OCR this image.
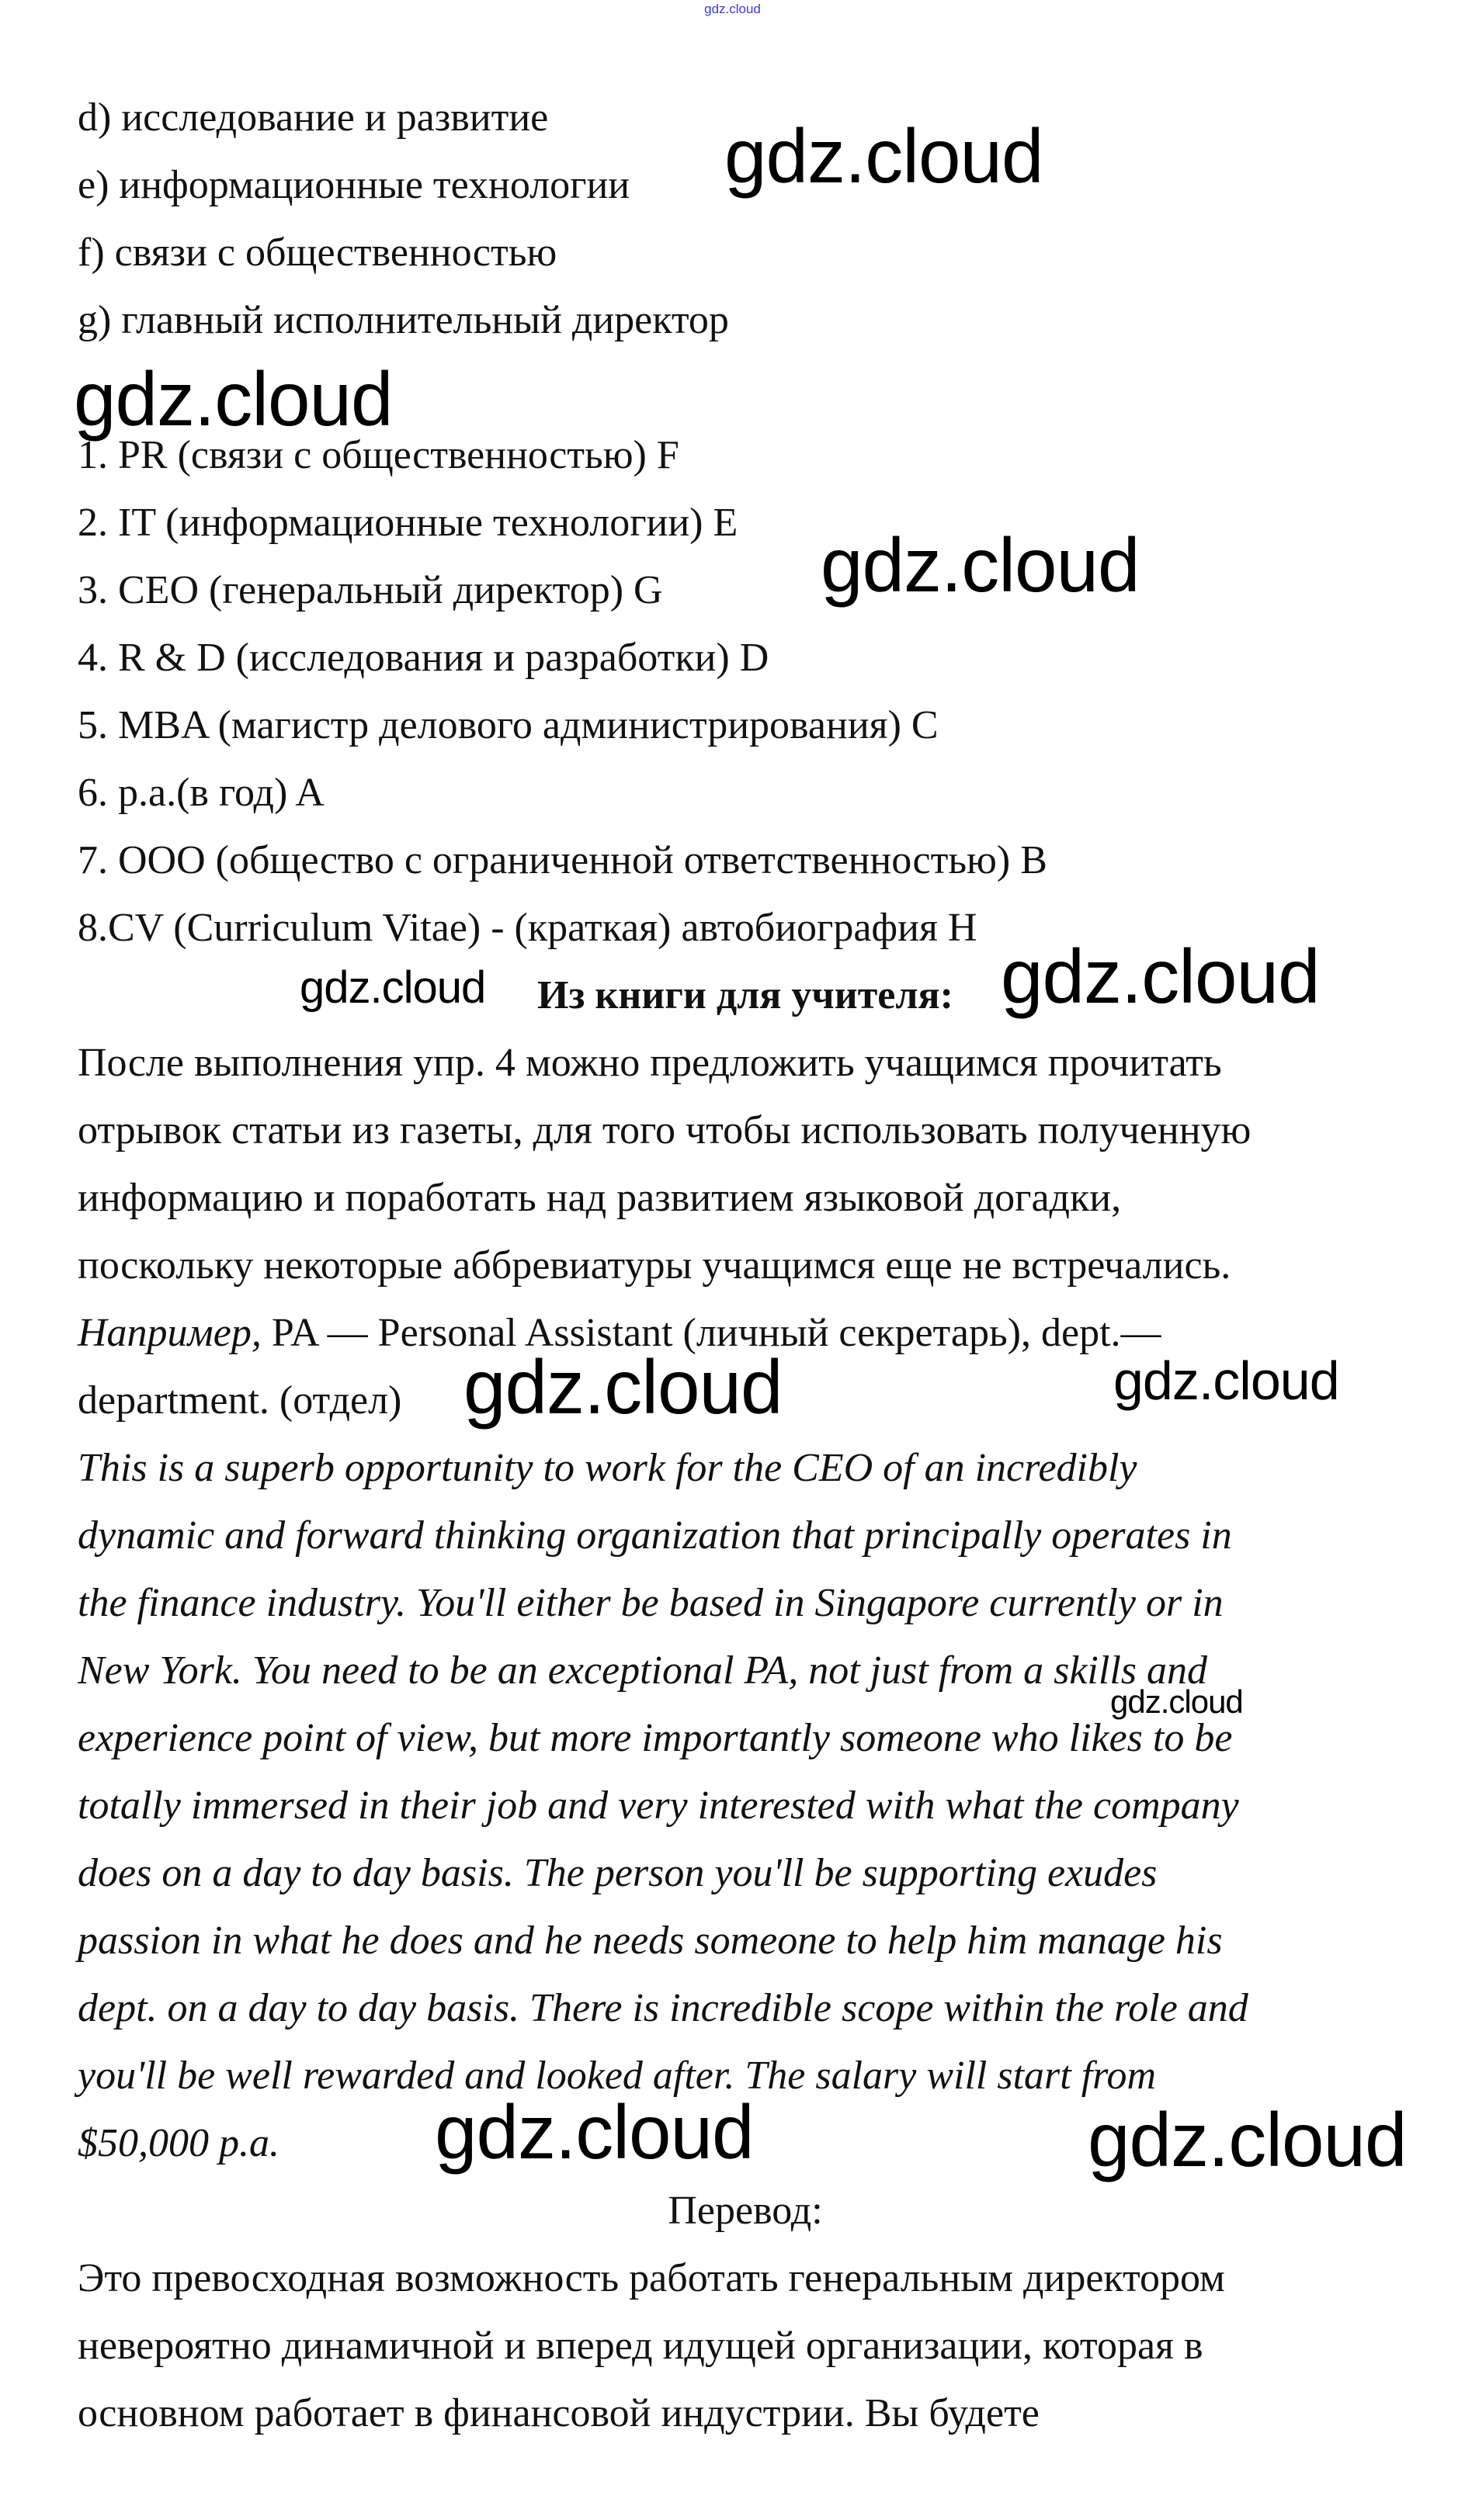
gdz.cloud
d) исследование и развитие
e) информационные технологии
f) связи с общественностью
g) главный исполнительный директор
1. PR (связи с общественностью) F
2. IT (информационные технологии) E
3. CEO (генеральный директор) G
4. R & D (исследования и разработки) D
5. MBA (магистр делового администрирования) C
6. p.a.(в год) A
7. ООО (общество с ограниченной ответственностью) B
8.CV (Curriculum Vitae) - (краткая) автобиография H
Из книги для учителя:
После выполнения упр. 4 можно предложить учащимся прочитать
отрывок статьи из газеты, для того чтобы использовать полученную
информацию и поработать над развитием языковой догадки,
поскольку некоторые аббревиатуры учащимся еще не встречались.
Например, PA — Personal Assistant (личный секретарь), dept.—
department. (отдел)
This is a superb opportunity to work for the CEO of an incredibly
dynamic and forward thinking organization that principally operates in
the finance industry. You'll either be based in Singapore currently or in
New York. You need to be an exceptional PA, not just from a skills and
experience point of view, but more importantly someone who likes to be
totally immersed in their job and very interested with what the company
does on a day to day basis. The person you'll be supporting exudes
passion in what he does and he needs someone to help him manage his
dept. on a day to day basis. There is incredible scope within the role and
you'll be well rewarded and looked after. The salary will start from
$50,000 p.a.
Перевод:
Это превосходная возможность работать генеральным директором
невероятно динамичной и вперед идущей организации, которая в
основном работает в финансовой индустрии. Вы будете
gdz.cloud
gdz.cloud
gdz.cloud
gdz.cloud	gdz.cloud
gdz.cloud	gdz.cloud
gdz.cloud
gdz.cloud	gdz.cloud
